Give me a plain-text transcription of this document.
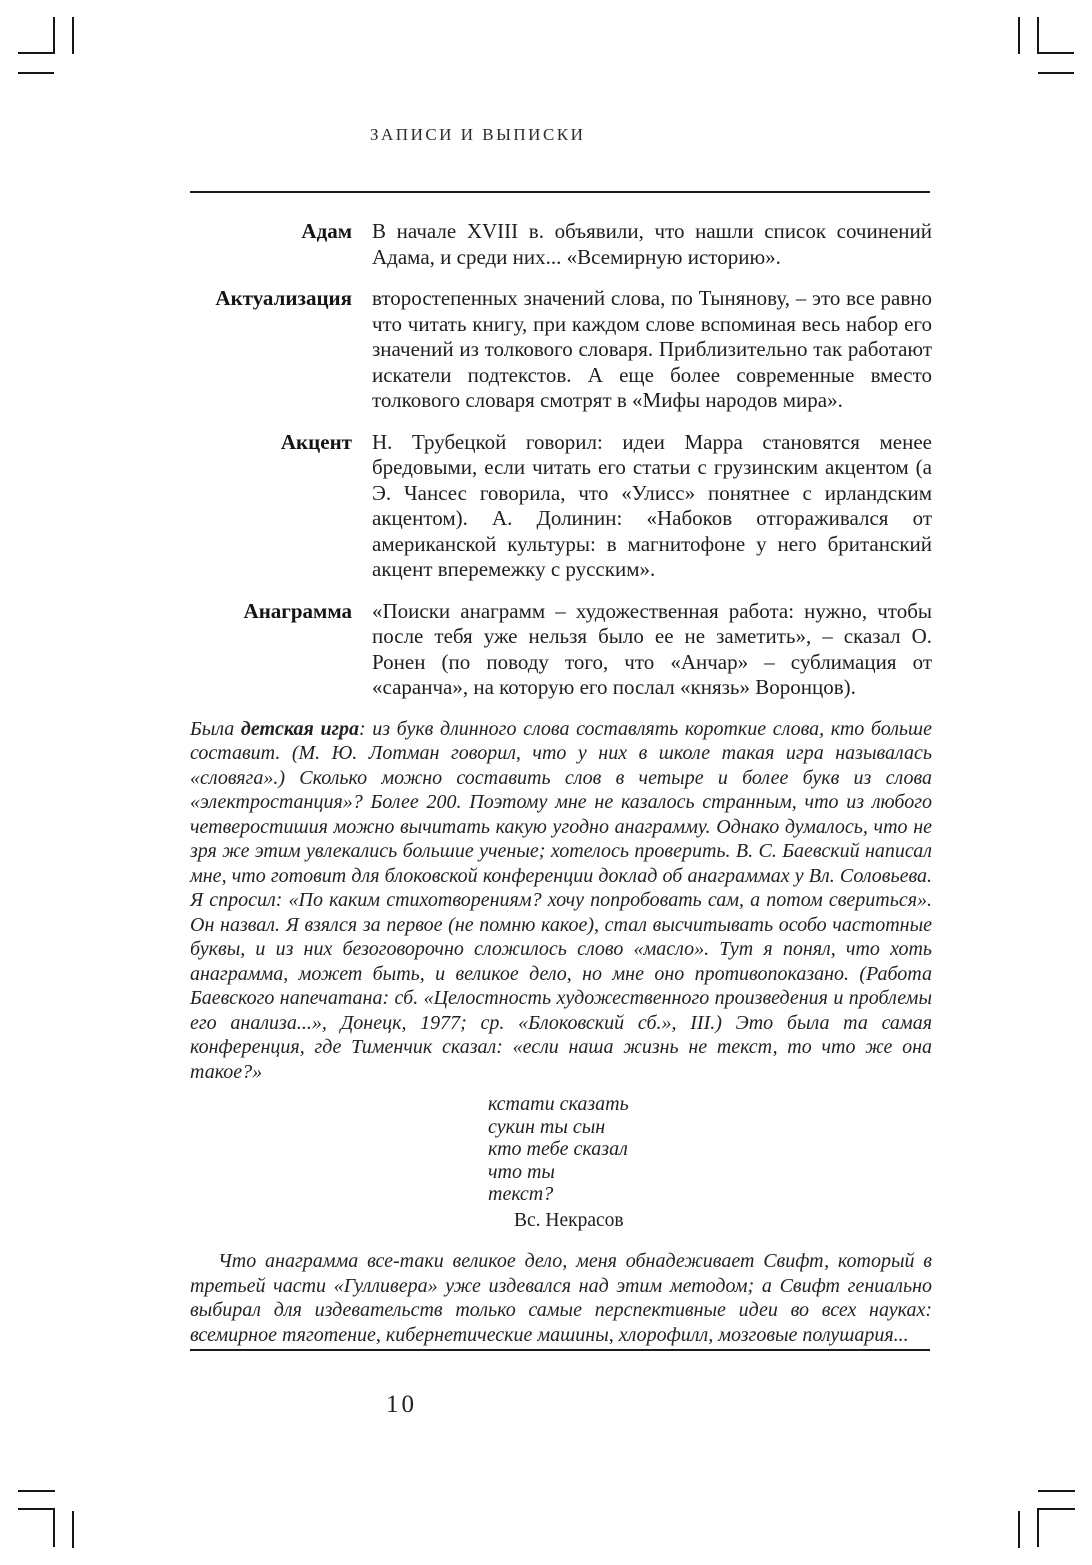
ЗАПИСИ И ВЫПИСКИ
Адам В начале XVIII в. объявили, что нашли список сочинений Адама, и среди них... «Всемирную историю».
Актуализация второстепенных значений слова, по Тынянову, – это все равно что читать книгу, при каждом слове вспоминая весь набор его значений из толкового словаря. Приблизительно так работают искатели подтекстов. А еще более современные вместо толкового словаря смотрят в «Мифы народов мира».
Акцент Н. Трубецкой говорил: идеи Марра становятся менее бредовыми, если читать его статьи с грузинским акцентом (а Э. Чансес говорила, что «Улисс» понятнее с ирландским акцентом). А. Долинин: «Набоков отгораживался от американской культуры: в магнитофоне у него британский акцент вперемежку с русским».
Анаграмма «Поиски анаграмм – художественная работа: нужно, чтобы после тебя уже нельзя было ее не заметить», – сказал О. Ронен (по поводу того, что «Анчар» – сублимация от «саранча», на которую его послал «князь» Воронцов).

Была детская игра: из букв длинного слова составлять короткие слова, кто больше составит. (М. Ю. Лотман говорил, что у них в школе такая игра называлась «словяга».) Сколько можно составить слов в четыре и более букв из слова «электростанция»? Более 200. Поэтому мне не казалось странным, что из любого четверостишия можно вычитать какую угодно анаграмму. Однако думалось, что не зря же этим увлекались большие ученые; хотелось проверить. В. С. Баевский написал мне, что готовит для блоковской конференции доклад об анаграммах у Вл. Соловьева. Я спросил: «По каким стихотворениям? хочу попробовать сам, а потом свериться». Он назвал. Я взялся за первое (не помню какое), стал высчитывать особо частотные буквы, и из них безоговорочно сложилось слово «масло». Тут я понял, что хоть анаграмма, может быть, и великое дело, но мне оно противопоказано. (Работа Баевского напечатана: сб. «Целостность художественного произведения и проблемы его анализа...», Донецк, 1977; ср. «Блоковский сб.», III.) Это была та самая конференция, где Тименчик сказал: «если наша жизнь не текст, то что же она такое?»

кстати сказать
сукин ты сын
кто тебе сказал
что ты
текст?
Вс. Некрасов

Что анаграмма все-таки великое дело, меня обнадеживает Свифт, который в третьей части «Гулливера» уже издевался над этим методом; а Свифт гениально выбирал для издевательств только самые перспективные идеи во всех науках: всемирное тяготение, кибернетические машины, хлорофилл, мозговые полушария...

10
